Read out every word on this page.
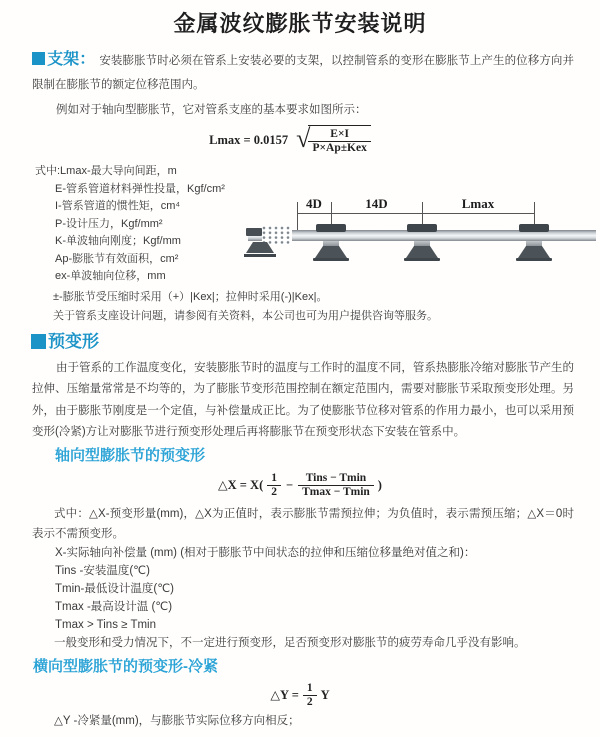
金属波纹膨胀节安装说明

支架： 安装膨胀节时必须在管系上安装必要的支架，以控制管系的变形在膨胀节上产生的位移方向并限制在膨胀节的额定位移范围内。

例如对于轴向型膨胀节，它对管系支座的基本要求如图所示：

Lmax = 0.0157 √
$\frac{E\times I}{\text{P×Ap±Kex}}$
式中:Lmax-最大导向间距，m
E-管系管道材料弹性投量，Kgf/cm²
I-管系管道的惯性矩，cm⁴
P-设计压力，Kgf/mm²
K-单波轴向刚度；Kgf/mm
Ap-膨胀节有效面积，cm²
ex-单波轴向位移，mm
±-膨胀节受压缩时采用（+）|Kex|；拉伸时采用(-)|Kex|。
关于管系支座设计问题，请参阅有关资料，本公司也可为用户提供咨询等服务。
4D	14D	Lmax
预变形

由于管系的工作温度变化，安装膨胀节时的温度与工作时的温度不同，管系热膨胀冷缩对膨胀节产生的拉伸、压缩量常常是不均等的，为了膨胀节变形范围控制在额定范围内，需要对膨胀节采取预变形处理。另外，由于膨胀节刚度是一个定值，与补偿量成正比。为了使膨胀节位移对管系的作用力最小，也可以采用预变形(冷紧)方让对膨胀节进行预变形处理后再将膨胀节在预变形状态下安装在管系中。

轴向型膨胀节的预变形
△X = $X( \frac{1}{2} - \frac{\text{Tins − Tmin}}{Tmax - Tmin}$ )

式中：△X-预变形量(mm)，△X为正值时，表示膨胀节需预拉伸；为负值时，表示需预压缩；△X＝0时表示不需预变形。

X-实际轴向补偿量 (mm) (相对于膨胀节中间状态的拉伸和压缩位移量绝对值之和)：
Tins -安装温度(℃)
Tmin-最低设计温度(℃)
Tmax -最高设计温 (℃)
Tmax > Tins ≥ Tmin

一般变形和受力情况下，不一定进行预变形，足否预变形对膨胀节的疲劳寿命几乎没有影响。

横向型膨胀节的预变形-冷紧
△Y = $\frac{1}{2}$ Y

△Y -冷紧量(mm)，与膨胀节实际位移方向相反；
